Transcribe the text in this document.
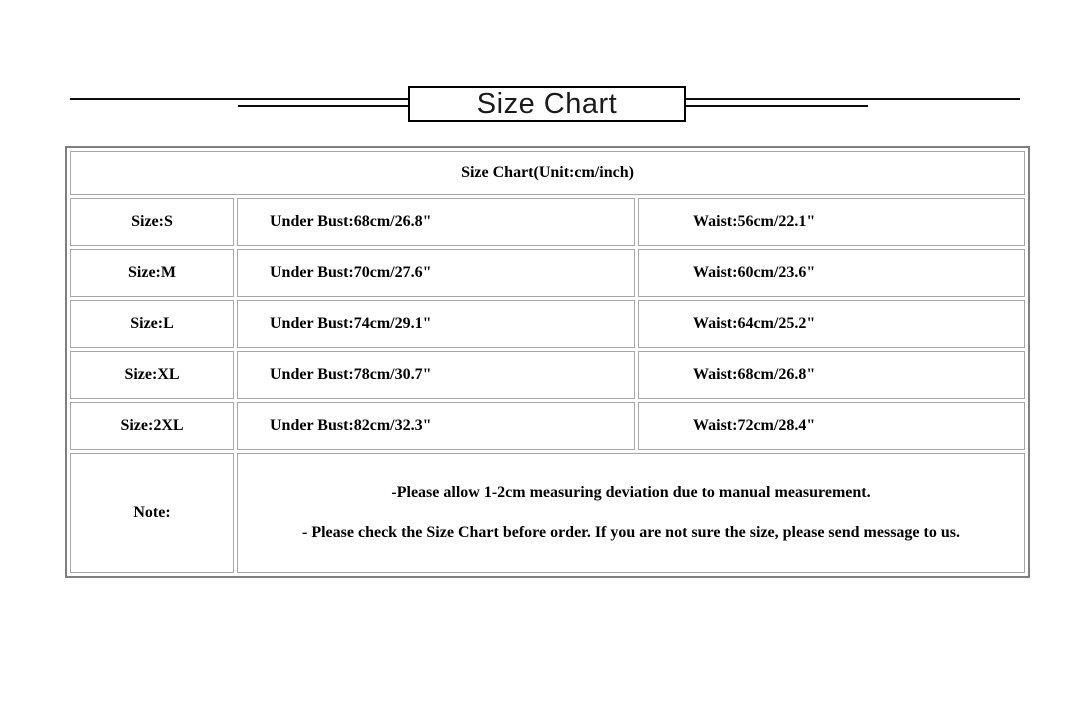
Size Chart
Size Chart(Unit:cm/inch)		
Size:S	Under Bust:68cm/26.8"	Waist:56cm/22.1"
Size:M	Under Bust:70cm/27.6"	Waist:60cm/23.6"
Size:L	Under Bust:74cm/29.1"	Waist:64cm/25.2"
Size:XL	Under Bust:78cm/30.7"	Waist:68cm/26.8"
Size:2XL	Under Bust:82cm/32.3"	Waist:72cm/28.4"
Note:	-Please allow 1-2cm measuring deviation due to manual measurement.

- Please check the Size Chart before order. If you are not sure the size, please send message to us.	
